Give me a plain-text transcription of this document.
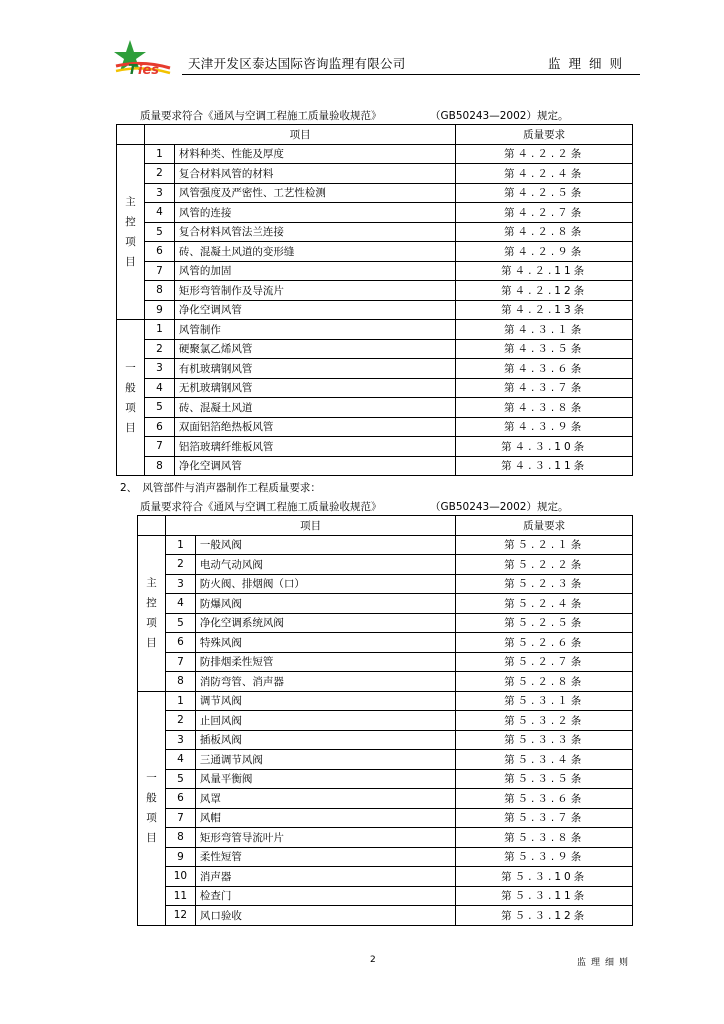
T ies 天津开发区泰达国际咨询监理有限公司	监理细则
质量要求符合《通风与空调工程施工质量验收规范》	（GB50243—2002）规定。
	项目		质量要求
主控项目	1	材料种类、性能及厚度	第４.２.２条
	2	复合材料风管的材料	第４.２.４条
	3	风管强度及严密性、工艺性检测	第４.２.５条
	4	风管的连接	第４.２.７条
	5	复合材料风管法兰连接	第４.２.８条
	6	砖、混凝土风道的变形缝	第４.２.９条
	7	风管的加固	第４.２.11条
	8	矩形弯管制作及导流片	第４.２.12条
	9	净化空调风管	第４.２.13条
一般项目	1	风管制作	第４.３.１条
	2	硬聚氯乙烯风管	第４.３.５条
	3	有机玻璃钢风管	第４.３.６条
	4	无机玻璃钢风管	第４.３.７条
	5	砖、混凝土风道	第４.３.８条
	6	双面铝箔绝热板风管	第４.３.９条
	7	铝箔玻璃纤维板风管	第４.３.10条
	8	净化空调风管	第４.３.11条
2、　风管部件与消声器制作工程质量要求：
质量要求符合《通风与空调工程施工质量验收规范》	（GB50243—2002）规定。
	项目		质量要求
主控项目	1	一般风阀	第５.２.１条
	2	电动气动风阀	第５.２.２条
	3	防火阀、排烟阀（口）	第５.２.３条
	4	防爆风阀	第５.２.４条
	5	净化空调系统风阀	第５.２.５条
	6	特殊风阀	第５.２.６条
	7	防排烟柔性短管	第５.２.７条
	8	消防弯管、消声器	第５.２.８条
一般项目	1	调节风阀	第５.３.１条
	2	止回风阀	第５.３.２条
	3	插板风阀	第５.３.３条
	4	三通调节风阀	第５.３.４条
	5	风量平衡阀	第５.３.５条
	6	风罩	第５.３.６条
	7	风帽	第５.３.７条
	8	矩形弯管导流叶片	第５.３.８条
	9	柔性短管	第５.３.９条
	10	消声器	第５.３.10条
	11	检查门	第５.３.11条
	12	风口验收	第５.３.12条
2	监理细则
